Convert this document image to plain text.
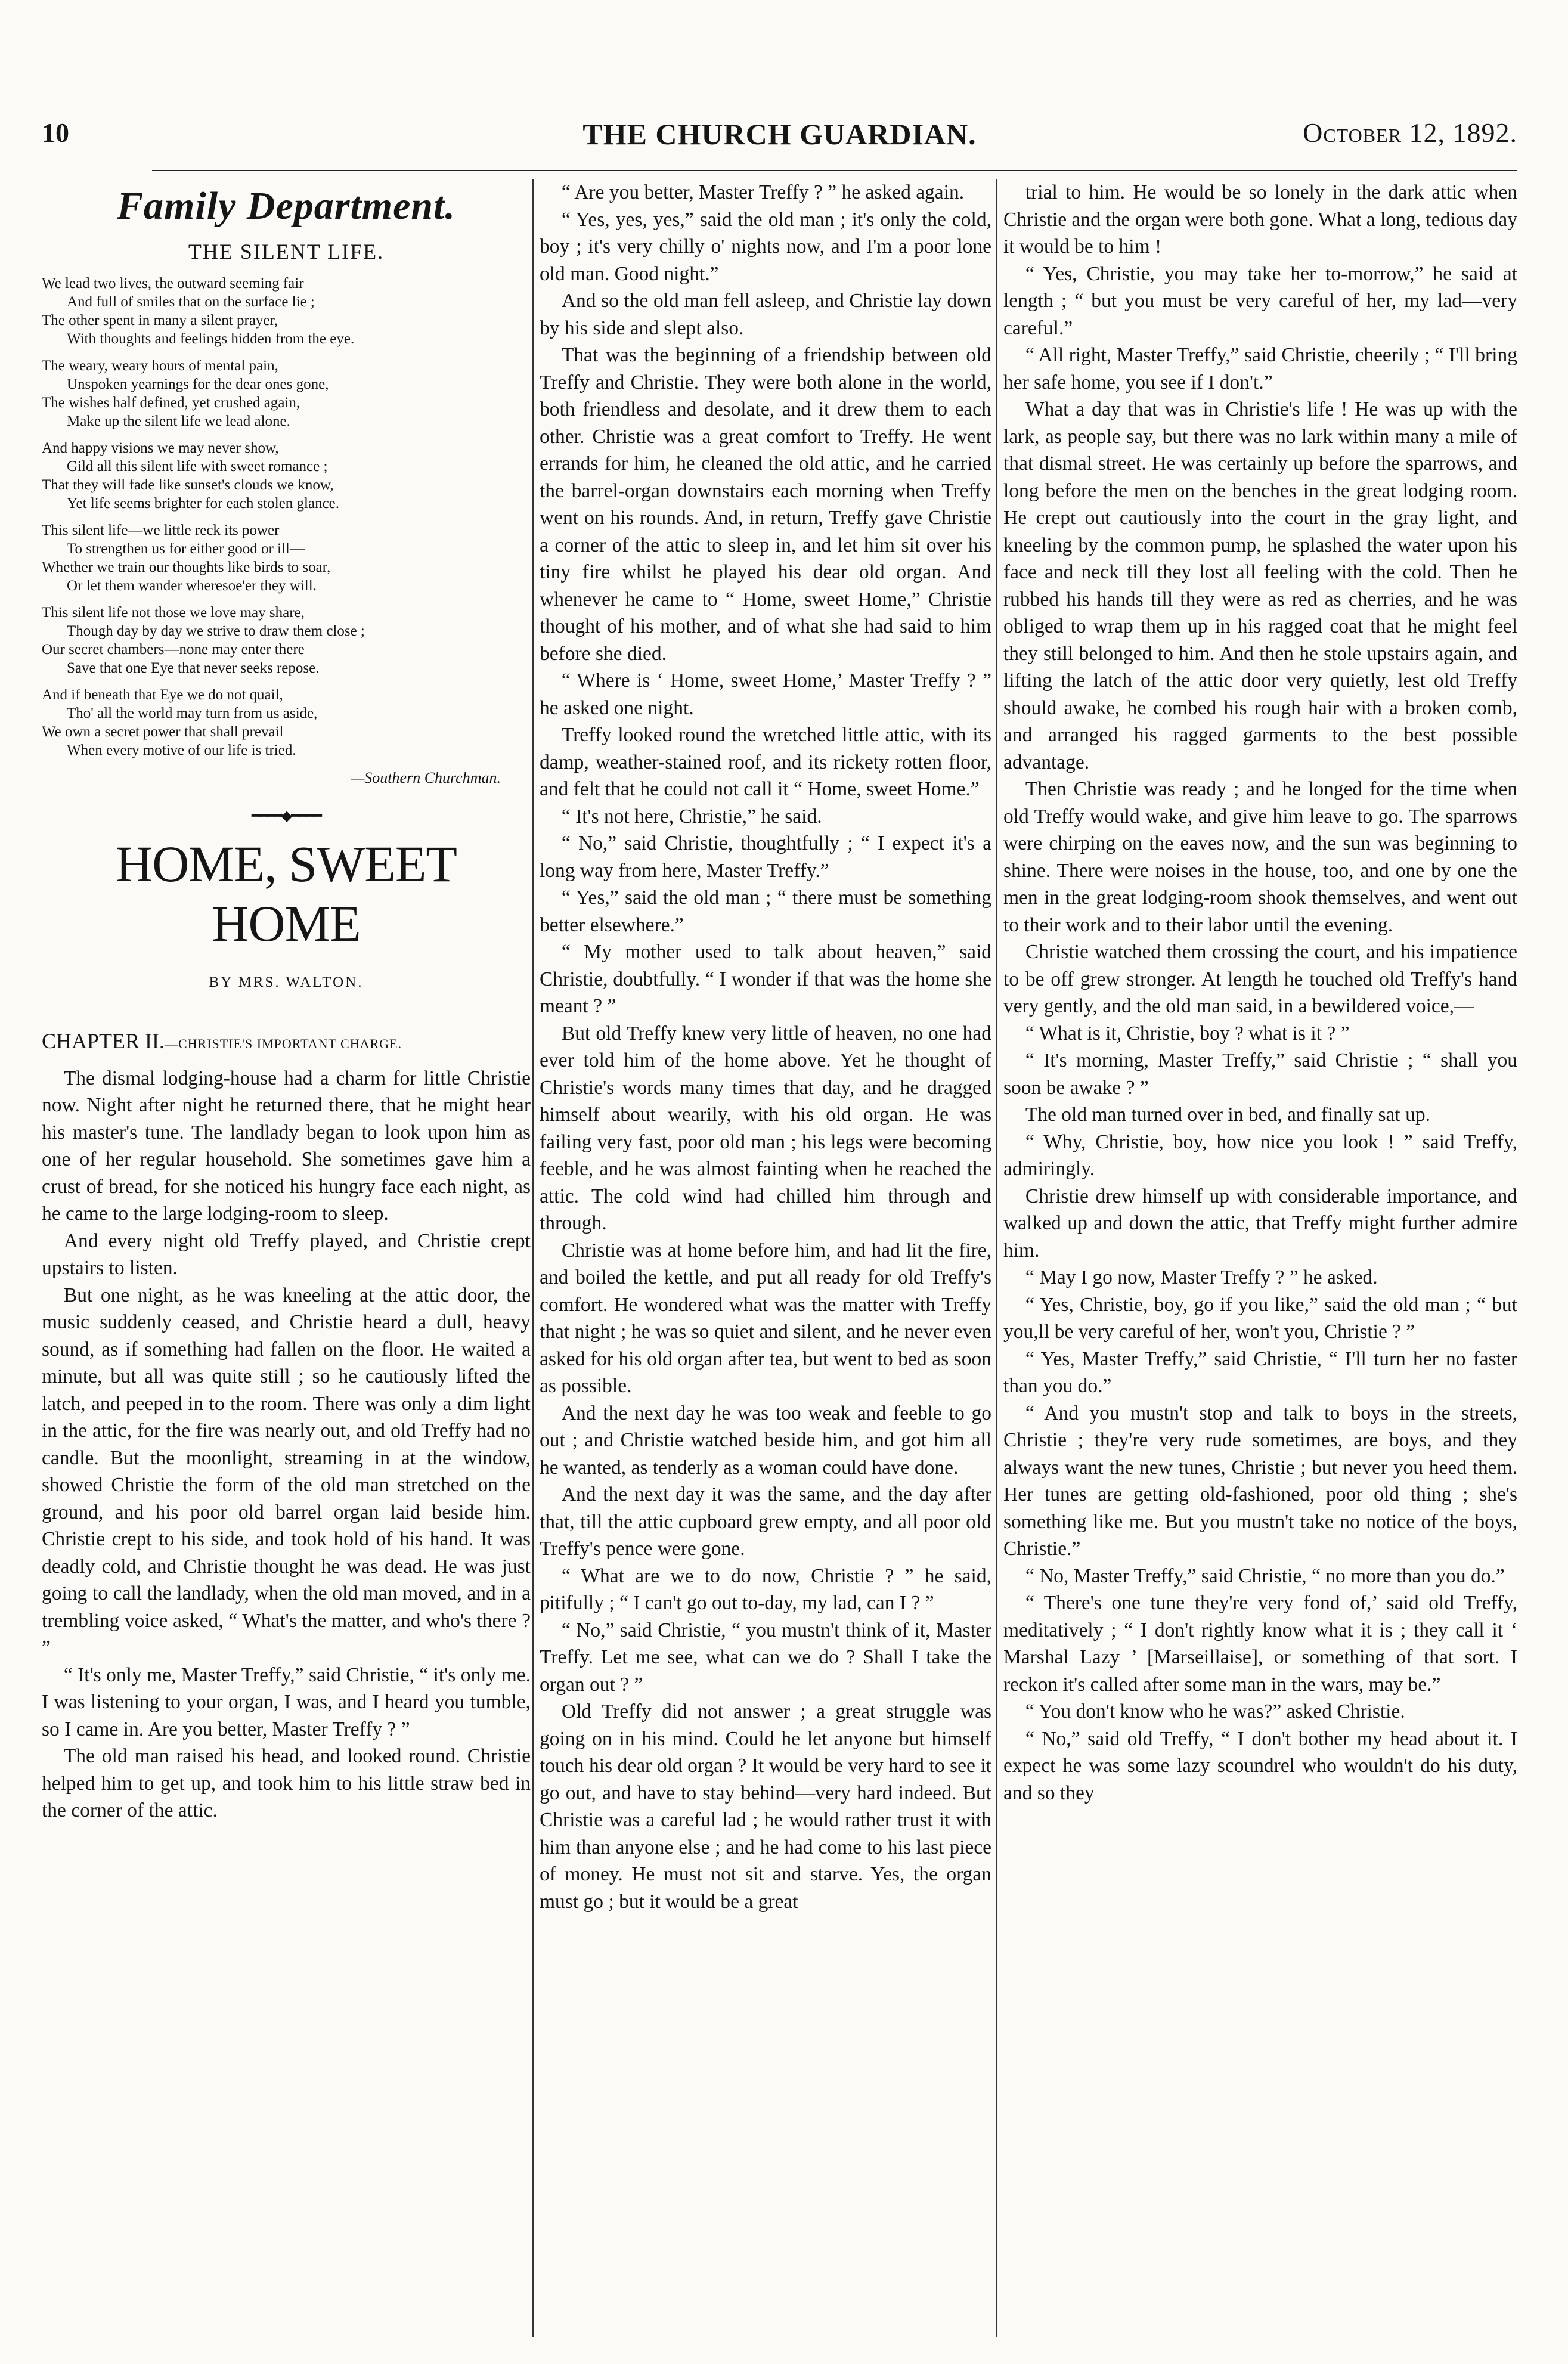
10	THE CHURCH GUARDIAN.	October 12, 1892.
Family Department.
THE SILENT LIFE.
We lead two lives, the outward seeming fair
And full of smiles that on the surface lie ;
The other spent in many a silent prayer,
With thoughts and feelings hidden from the eye.
The weary, weary hours of mental pain,
Unspoken yearnings for the dear ones gone,
The wishes half defined, yet crushed again,
Make up the silent life we lead alone.
And happy visions we may never show,
Gild all this silent life with sweet romance ;
That they will fade like sunset's clouds we know,
Yet life seems brighter for each stolen glance.
This silent life—we little reck its power
To strengthen us for either good or ill—
Whether we train our thoughts like birds to soar,
Or let them wander wheresoe'er they will.
This silent life not those we love may share,
Though day by day we strive to draw them close ;
Our secret chambers—none may enter there
Save that one Eye that never seeks repose.
And if beneath that Eye we do not quail,
Tho' all the world may turn from us aside,
We own a secret power that shall prevail
When every motive of our life is tried.
—Southern Churchman.
━━━━◆━━━━
HOME, SWEET HOME
BY MRS. WALTON.
CHAPTER II.—CHRISTIE'S IMPORTANT CHARGE.

The dismal lodging-house had a charm for little Christie now. Night after night he returned there, that he might hear his master's tune. The landlady began to look upon him as one of her regular household. She sometimes gave him a crust of bread, for she noticed his hungry face each night, as he came to the large lodging-room to sleep.

And every night old Treffy played, and Christie crept upstairs to listen.

But one night, as he was kneeling at the attic door, the music suddenly ceased, and Christie heard a dull, heavy sound, as if something had fallen on the floor. He waited a minute, but all was quite still ; so he cautiously lifted the latch, and peeped in to the room. There was only a dim light in the attic, for the fire was nearly out, and old Treffy had no candle. But the moonlight, streaming in at the window, showed Christie the form of the old man stretched on the ground, and his poor old barrel organ laid beside him. Christie crept to his side, and took hold of his hand. It was deadly cold, and Christie thought he was dead. He was just going to call the landlady, when the old man moved, and in a trembling voice asked, “ What's the matter, and who's there ? ”

“ It's only me, Master Treffy,” said Christie, “ it's only me. I was listening to your organ, I was, and I heard you tumble, so I came in. Are you better, Master Treffy ? ”

The old man raised his head, and looked round. Christie helped him to get up, and took him to his little straw bed in the corner of the attic.

“ Are you better, Master Treffy ? ” he asked again.

“ Yes, yes, yes,” said the old man ; it's only the cold, boy ; it's very chilly o' nights now, and I'm a poor lone old man. Good night.”

And so the old man fell asleep, and Christie lay down by his side and slept also.

That was the beginning of a friendship between old Treffy and Christie. They were both alone in the world, both friendless and desolate, and it drew them to each other. Christie was a great comfort to Treffy. He went errands for him, he cleaned the old attic, and he carried the barrel-organ downstairs each morning when Treffy went on his rounds. And, in return, Treffy gave Christie a corner of the attic to sleep in, and let him sit over his tiny fire whilst he played his dear old organ. And whenever he came to “ Home, sweet Home,” Christie thought of his mother, and of what she had said to him before she died.

“ Where is ‘ Home, sweet Home,’ Master Treffy ? ” he asked one night.

Treffy looked round the wretched little attic, with its damp, weather-stained roof, and its rickety rotten floor, and felt that he could not call it “ Home, sweet Home.”

“ It's not here, Christie,” he said.

“ No,” said Christie, thoughtfully ; “ I expect it's a long way from here, Master Treffy.”

“ Yes,” said the old man ; “ there must be something better elsewhere.”

“ My mother used to talk about heaven,” said Christie, doubtfully. “ I wonder if that was the home she meant ? ”

But old Treffy knew very little of heaven, no one had ever told him of the home above. Yet he thought of Christie's words many times that day, and he dragged himself about wearily, with his old organ. He was failing very fast, poor old man ; his legs were becoming feeble, and he was almost fainting when he reached the attic. The cold wind had chilled him through and through.

Christie was at home before him, and had lit the fire, and boiled the kettle, and put all ready for old Treffy's comfort. He wondered what was the matter with Treffy that night ; he was so quiet and silent, and he never even asked for his old organ after tea, but went to bed as soon as possible.

And the next day he was too weak and feeble to go out ; and Christie watched beside him, and got him all he wanted, as tenderly as a woman could have done.

And the next day it was the same, and the day after that, till the attic cupboard grew empty, and all poor old Treffy's pence were gone.

“ What are we to do now, Christie ? ” he said, pitifully ; “ I can't go out to-day, my lad, can I ? ”

“ No,” said Christie, “ you mustn't think of it, Master Treffy. Let me see, what can we do ? Shall I take the organ out ? ”

Old Treffy did not answer ; a great struggle was going on in his mind. Could he let anyone but himself touch his dear old organ ? It would be very hard to see it go out, and have to stay behind—very hard indeed. But Christie was a careful lad ; he would rather trust it with him than anyone else ; and he had come to his last piece of money. He must not sit and starve. Yes, the organ must go ; but it would be a great

trial to him. He would be so lonely in the dark attic when Christie and the organ were both gone. What a long, tedious day it would be to him !

“ Yes, Christie, you may take her to-morrow,” he said at length ; “ but you must be very careful of her, my lad—very careful.”

“ All right, Master Treffy,” said Christie, cheerily ; “ I'll bring her safe home, you see if I don't.”

What a day that was in Christie's life ! He was up with the lark, as people say, but there was no lark within many a mile of that dismal street. He was certainly up before the sparrows, and long before the men on the benches in the great lodging room. He crept out cautiously into the court in the gray light, and kneeling by the common pump, he splashed the water upon his face and neck till they lost all feeling with the cold. Then he rubbed his hands till they were as red as cherries, and he was obliged to wrap them up in his ragged coat that he might feel they still belonged to him. And then he stole upstairs again, and lifting the latch of the attic door very quietly, lest old Treffy should awake, he combed his rough hair with a broken comb, and arranged his ragged garments to the best possible advantage.

Then Christie was ready ; and he longed for the time when old Treffy would wake, and give him leave to go. The sparrows were chirping on the eaves now, and the sun was beginning to shine. There were noises in the house, too, and one by one the men in the great lodging-room shook themselves, and went out to their work and to their labor until the evening.

Christie watched them crossing the court, and his impatience to be off grew stronger. At length he touched old Treffy's hand very gently, and the old man said, in a bewildered voice,—

“ What is it, Christie, boy ? what is it ? ”

“ It's morning, Master Treffy,” said Christie ; “ shall you soon be awake ? ”

The old man turned over in bed, and finally sat up.

“ Why, Christie, boy, how nice you look ! ” said Treffy, admiringly.

Christie drew himself up with considerable importance, and walked up and down the attic, that Treffy might further admire him.

“ May I go now, Master Treffy ? ” he asked.

“ Yes, Christie, boy, go if you like,” said the old man ; “ but you,ll be very careful of her, won't you, Christie ? ”

“ Yes, Master Treffy,” said Christie, “ I'll turn her no faster than you do.”

“ And you mustn't stop and talk to boys in the streets, Christie ; they're very rude sometimes, are boys, and they always want the new tunes, Christie ; but never you heed them. Her tunes are getting old-fashioned, poor old thing ; she's something like me. But you mustn't take no notice of the boys, Christie.”

“ No, Master Treffy,” said Christie, “ no more than you do.”

“ There's one tune they're very fond of,’ said old Treffy, meditatively ; “ I don't rightly know what it is ; they call it ‘ Marshal Lazy ’ [Marseillaise], or something of that sort. I reckon it's called after some man in the wars, may be.”

“ You don't know who he was?” asked Christie.

“ No,” said old Treffy, “ I don't bother my head about it. I expect he was some lazy scoundrel who wouldn't do his duty, and so they
